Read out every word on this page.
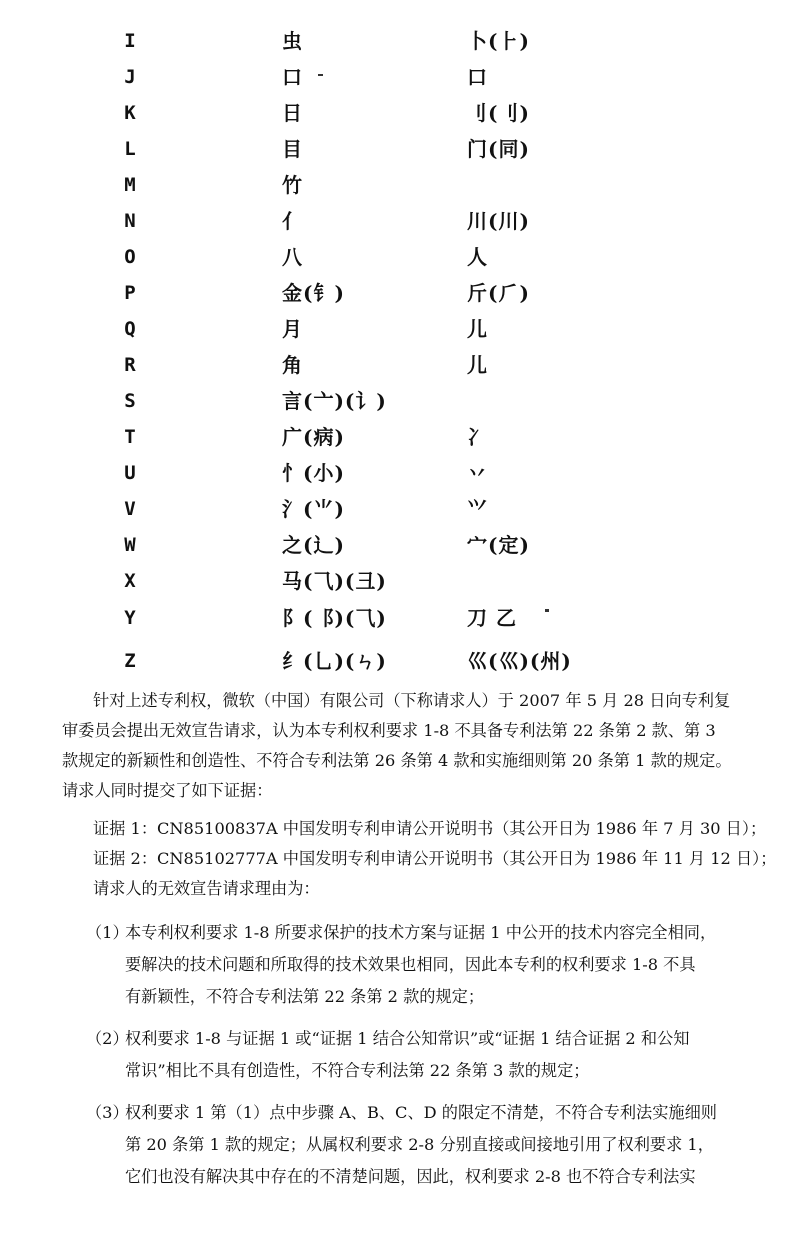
I	虫	卜(⺊)
J	口	口
K	日	刂(刂)
L	目	门(同)
M	竹
N	亻	川(川)
O	八	人
P	金(钅)	斤(⺁)
Q	月	儿
R	角	儿
S	言(亠)(讠)
T	广(病)	冫
U	忄(小)	丷
V	氵(⺌)	⺍
W	之(辶)	宀(定)
X	马(⺄)(⼹)
Y	阝(⻏)(⺄)	刀 乙
Z	纟(乚)(ㄣ)	巛(巛)(州)
针对上述专利权，微软（中国）有限公司（下称请求人）于 2007 年 5 月 28 日向专利复
审委员会提出无效宣告请求，认为本专利权利要求 1-8 不具备专利法第 22 条第 2 款、第 3
款规定的新颖性和创造性、不符合专利法第 26 条第 4 款和实施细则第 20 条第 1 款的规定。
请求人同时提交了如下证据：
证据 1：CN85100837A 中国发明专利申请公开说明书（其公开日为 1986 年 7 月 30 日）；
证据 2：CN85102777A 中国发明专利申请公开说明书（其公开日为 1986 年 11 月 12 日）；
请求人的无效宣告请求理由为：
（1）
本专利权利要求 1-8 所要求保护的技术方案与证据 1 中公开的技术内容完全相同，
要解决的技术问题和所取得的技术效果也相同，因此本专利的权利要求 1-8 不具
有新颖性，不符合专利法第 22 条第 2 款的规定；
（2）
权利要求 1-8 与证据 1 或“证据 1 结合公知常识”或“证据 1 结合证据 2 和公知
常识”相比不具有创造性，不符合专利法第 22 条第 3 款的规定；
（3）
权利要求 1 第（1）点中步骤 A、B、C、D 的限定不清楚，不符合专利法实施细则
第 20 条第 1 款的规定；从属权利要求 2-8 分别直接或间接地引用了权利要求 1，
它们也没有解决其中存在的不清楚问题，因此，权利要求 2-8 也不符合专利法实
